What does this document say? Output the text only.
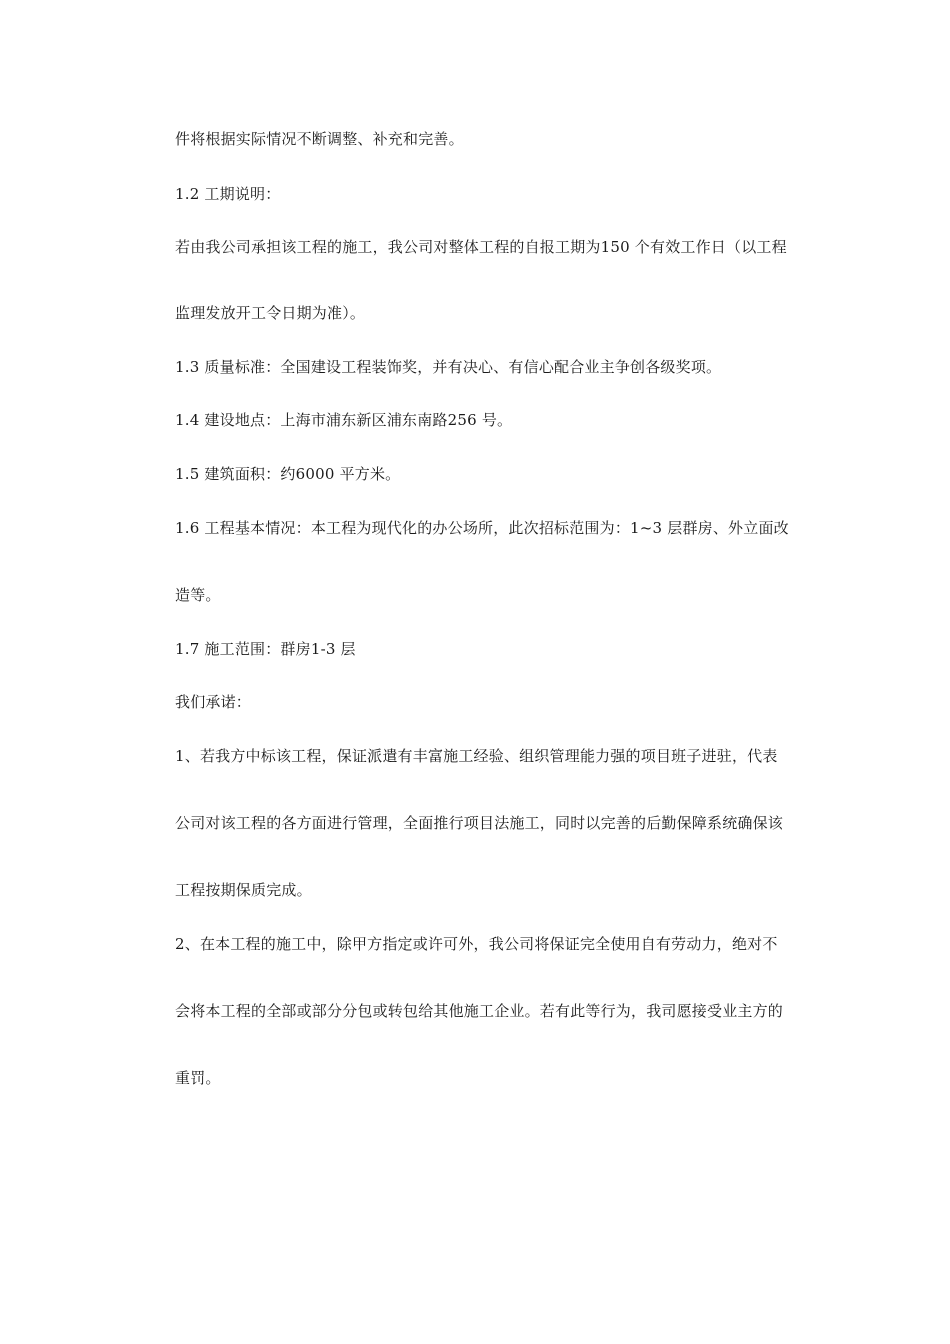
件将根据实际情况不断调整、补充和完善。
1.2 工期说明：
若由我公司承担该工程的施工，我公司对整体工程的自报工期为150 个有效工作日（以工程
监理发放开工令日期为准）。
1.3 质量标准：全国建设工程装饰奖，并有决心、有信心配合业主争创各级奖项。
1.4 建设地点：上海市浦东新区浦东南路256 号。
1.5 建筑面积：约6000 平方米。
1.6 工程基本情况：本工程为现代化的办公场所，此次招标范围为：1~3 层群房、外立面改
造等。
1.7 施工范围：群房1-3 层
我们承诺：
1、若我方中标该工程，保证派遣有丰富施工经验、组织管理能力强的项目班子进驻，代表
公司对该工程的各方面进行管理，全面推行项目法施工，同时以完善的后勤保障系统确保该
工程按期保质完成。
2、在本工程的施工中，除甲方指定或许可外，我公司将保证完全使用自有劳动力，绝对不
会将本工程的全部或部分分包或转包给其他施工企业。若有此等行为，我司愿接受业主方的
重罚。
